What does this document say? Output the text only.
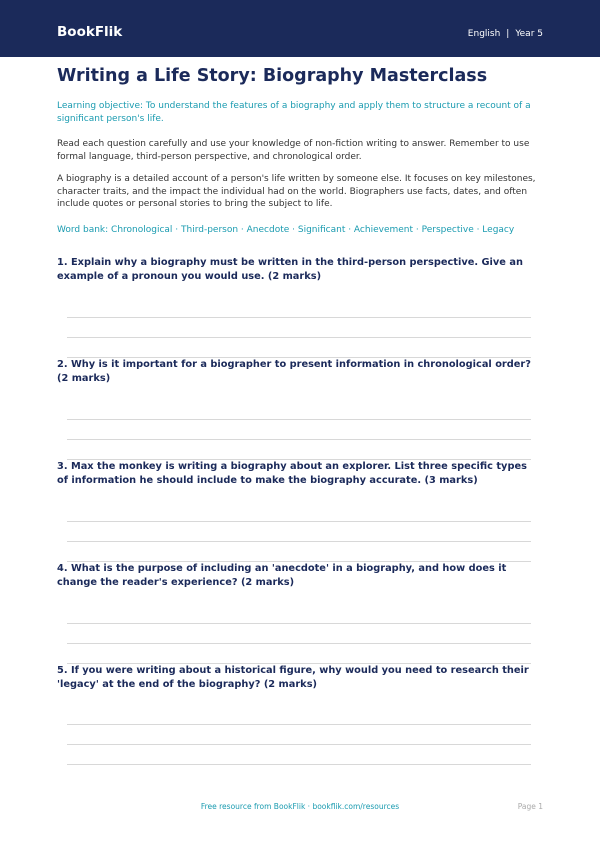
BookFlik	English | Year 5
Writing a Life Story: Biography Masterclass

Learning objective: To understand the features of a biography and apply them to structure a recount of a significant person's life.

Read each question carefully and use your knowledge of non-fiction writing to answer. Remember to use formal language, third-person perspective, and chronological order.

A biography is a detailed account of a person's life written by someone else. It focuses on key milestones, character traits, and the impact the individual had on the world. Biographers use facts, dates, and often include quotes or personal stories to bring the subject to life.

Word bank: Chronological · Third-person · Anecdote · Significant · Achievement · Perspective · Legacy

1. Explain why a biography must be written in the third-person perspective. Give an example of a pronoun you would use. (2 marks)

2. Why is it important for a biographer to present information in chronological order? (2 marks)

3. Max the monkey is writing a biography about an explorer. List three specific types of information he should include to make the biography accurate. (3 marks)

4. What is the purpose of including an 'anecdote' in a biography, and how does it change the reader's experience? (2 marks)

5. If you were writing about a historical figure, why would you need to research their 'legacy' at the end of the biography? (2 marks)

Free resource from BookFlik · bookflik.com/resources	Page 1
